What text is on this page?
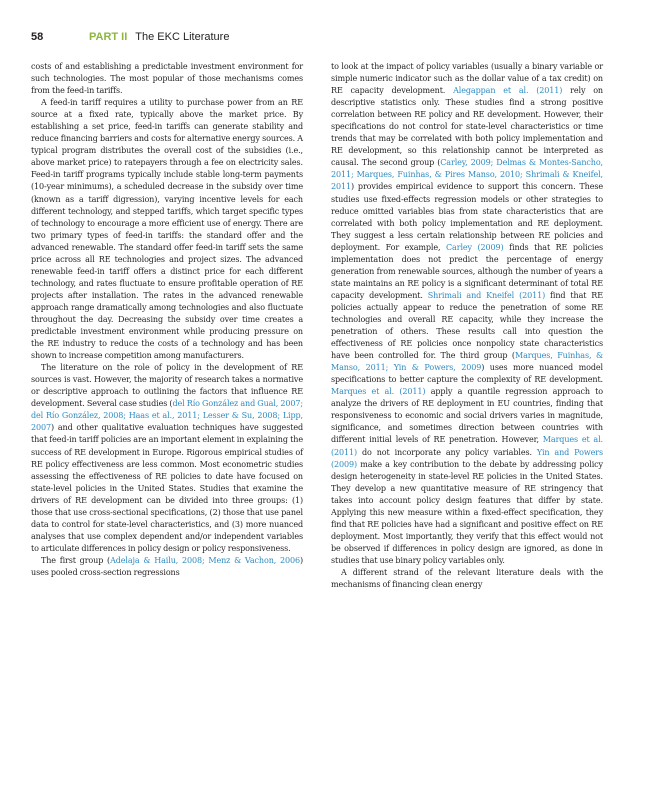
58	PART II The EKC Literature

costs of and establishing a predictable investment environment for such technologies. The most popular of those mechanisms comes from the feed-in tariffs.

A feed-in tariff requires a utility to purchase power from an RE source at a fixed rate, typically above the market price. By establishing a set price, feed-in tariffs can generate stability and reduce financing barriers and costs for alternative energy sources. A typical program distributes the overall cost of the subsidies (i.e., above market price) to ratepayers through a fee on electricity sales. Feed-in tariff programs typically include stable long-term payments (10-year minimums), a scheduled decrease in the subsidy over time (known as a tariff digression), varying incentive levels for each different technology, and stepped tariffs, which target specific types of technology to encourage a more efficient use of energy. There are two primary types of feed-in tariffs: the standard offer and the advanced renewable. The standard offer feed-in tariff sets the same price across all RE technologies and project sizes. The advanced renewable feed-in tariff offers a distinct price for each different technology, and rates fluctuate to ensure profitable operation of RE projects after installation. The rates in the advanced renewable approach range dramatically among technologies and also fluctuate throughout the day. Decreasing the subsidy over time creates a predictable investment environment while producing pressure on the RE industry to reduce the costs of a technology and has been shown to increase competition among manufacturers.

The literature on the role of policy in the development of RE sources is vast. However, the majority of research takes a normative or descriptive approach to outlining the factors that influence RE development. Several case studies (del Río González and Gual, 2007; del Río González, 2008; Haas et al., 2011; Lesser & Su, 2008; Lipp, 2007) and other qualitative evaluation techniques have suggested that feed-in tariff policies are an important element in explaining the success of RE development in Europe. Rigorous empirical studies of RE policy effectiveness are less common. Most econometric studies assessing the effectiveness of RE policies to date have focused on state-level policies in the United States. Studies that examine the drivers of RE development can be divided into three groups: (1) those that use cross-sectional specifications, (2) those that use panel data to control for state-level characteristics, and (3) more nuanced analyses that use complex dependent and/or independent variables to articulate differences in policy design or policy responsiveness.

The first group (Adelaja & Hailu, 2008; Menz & Vachon, 2006) uses pooled cross-section regressions

to look at the impact of policy variables (usually a binary variable or simple numeric indicator such as the dollar value of a tax credit) on RE capacity development. Alegappan et al. (2011) rely on descriptive statistics only. These studies find a strong positive correlation between RE policy and RE development. However, their specifications do not control for state-level characteristics or time trends that may be correlated with both policy implementation and RE development, so this relationship cannot be interpreted as causal. The second group (Carley, 2009; Delmas & Montes-Sancho, 2011; Marques, Fuinhas, & Pires Manso, 2010; Shrimali & Kneifel, 2011) provides empirical evidence to support this concern. These studies use fixed-effects regression models or other strategies to reduce omitted variables bias from state characteristics that are correlated with both policy implementation and RE deployment. They suggest a less certain relationship between RE policies and deployment. For example, Carley (2009) finds that RE policies implementation does not predict the percentage of energy generation from renewable sources, although the number of years a state maintains an RE policy is a significant determinant of total RE capacity development. Shrimali and Kneifel (2011) find that RE policies actually appear to reduce the penetration of some RE technologies and overall RE capacity, while they increase the penetration of others. These results call into question the effectiveness of RE policies once nonpolicy state characteristics have been controlled for. The third group (Marques, Fuinhas, & Manso, 2011; Yin & Powers, 2009) uses more nuanced model specifications to better capture the complexity of RE development. Marques et al. (2011) apply a quantile regression approach to analyze the drivers of RE deployment in EU countries, finding that responsiveness to economic and social drivers varies in magnitude, significance, and sometimes direction between countries with different initial levels of RE penetration. However, Marques et al. (2011) do not incorporate any policy variables. Yin and Powers (2009) make a key contribution to the debate by addressing policy design heterogeneity in state-level RE policies in the United States. They develop a new quantitative measure of RE stringency that takes into account policy design features that differ by state. Applying this new measure within a fixed-effect specification, they find that RE policies have had a significant and positive effect on RE deployment. Most importantly, they verify that this effect would not be observed if differences in policy design are ignored, as done in studies that use binary policy variables only.

A different strand of the relevant literature deals with the mechanisms of financing clean energy
